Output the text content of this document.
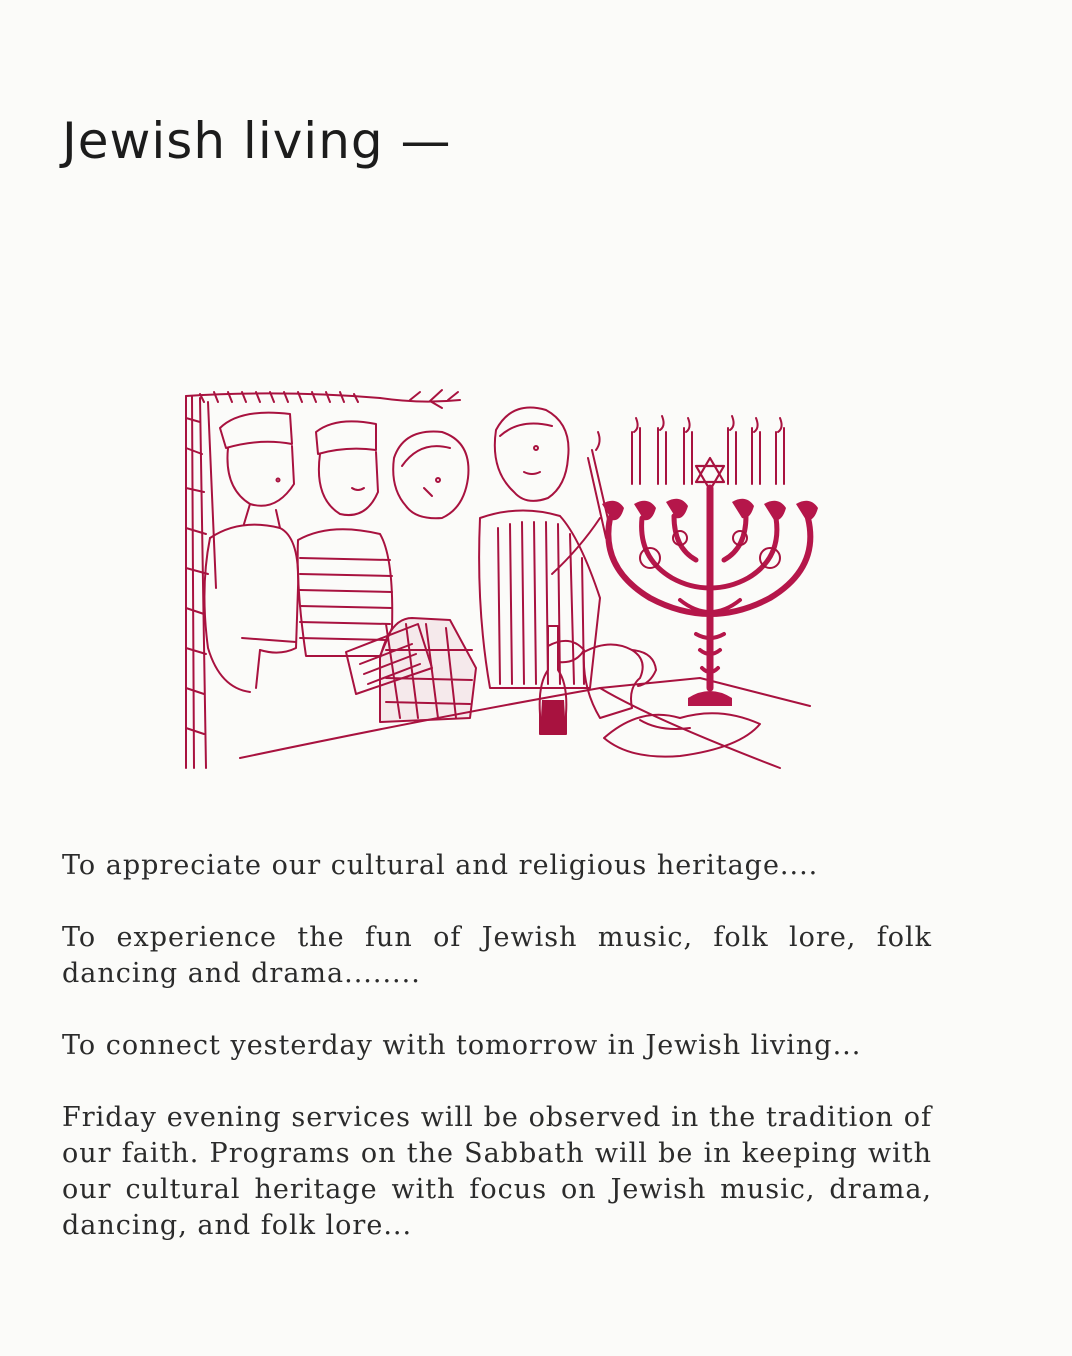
Jewish living —

To appreciate our cultural and religious heritage....

To experience the fun of Jewish music, folk lore, folk dancing and drama........

To connect yesterday with tomorrow in Jewish living...

Friday evening services will be observed in the tradition of our faith. Programs on the Sabbath will be in keeping with our cultural heritage with focus on Jewish music, drama, dancing, and folk lore...
